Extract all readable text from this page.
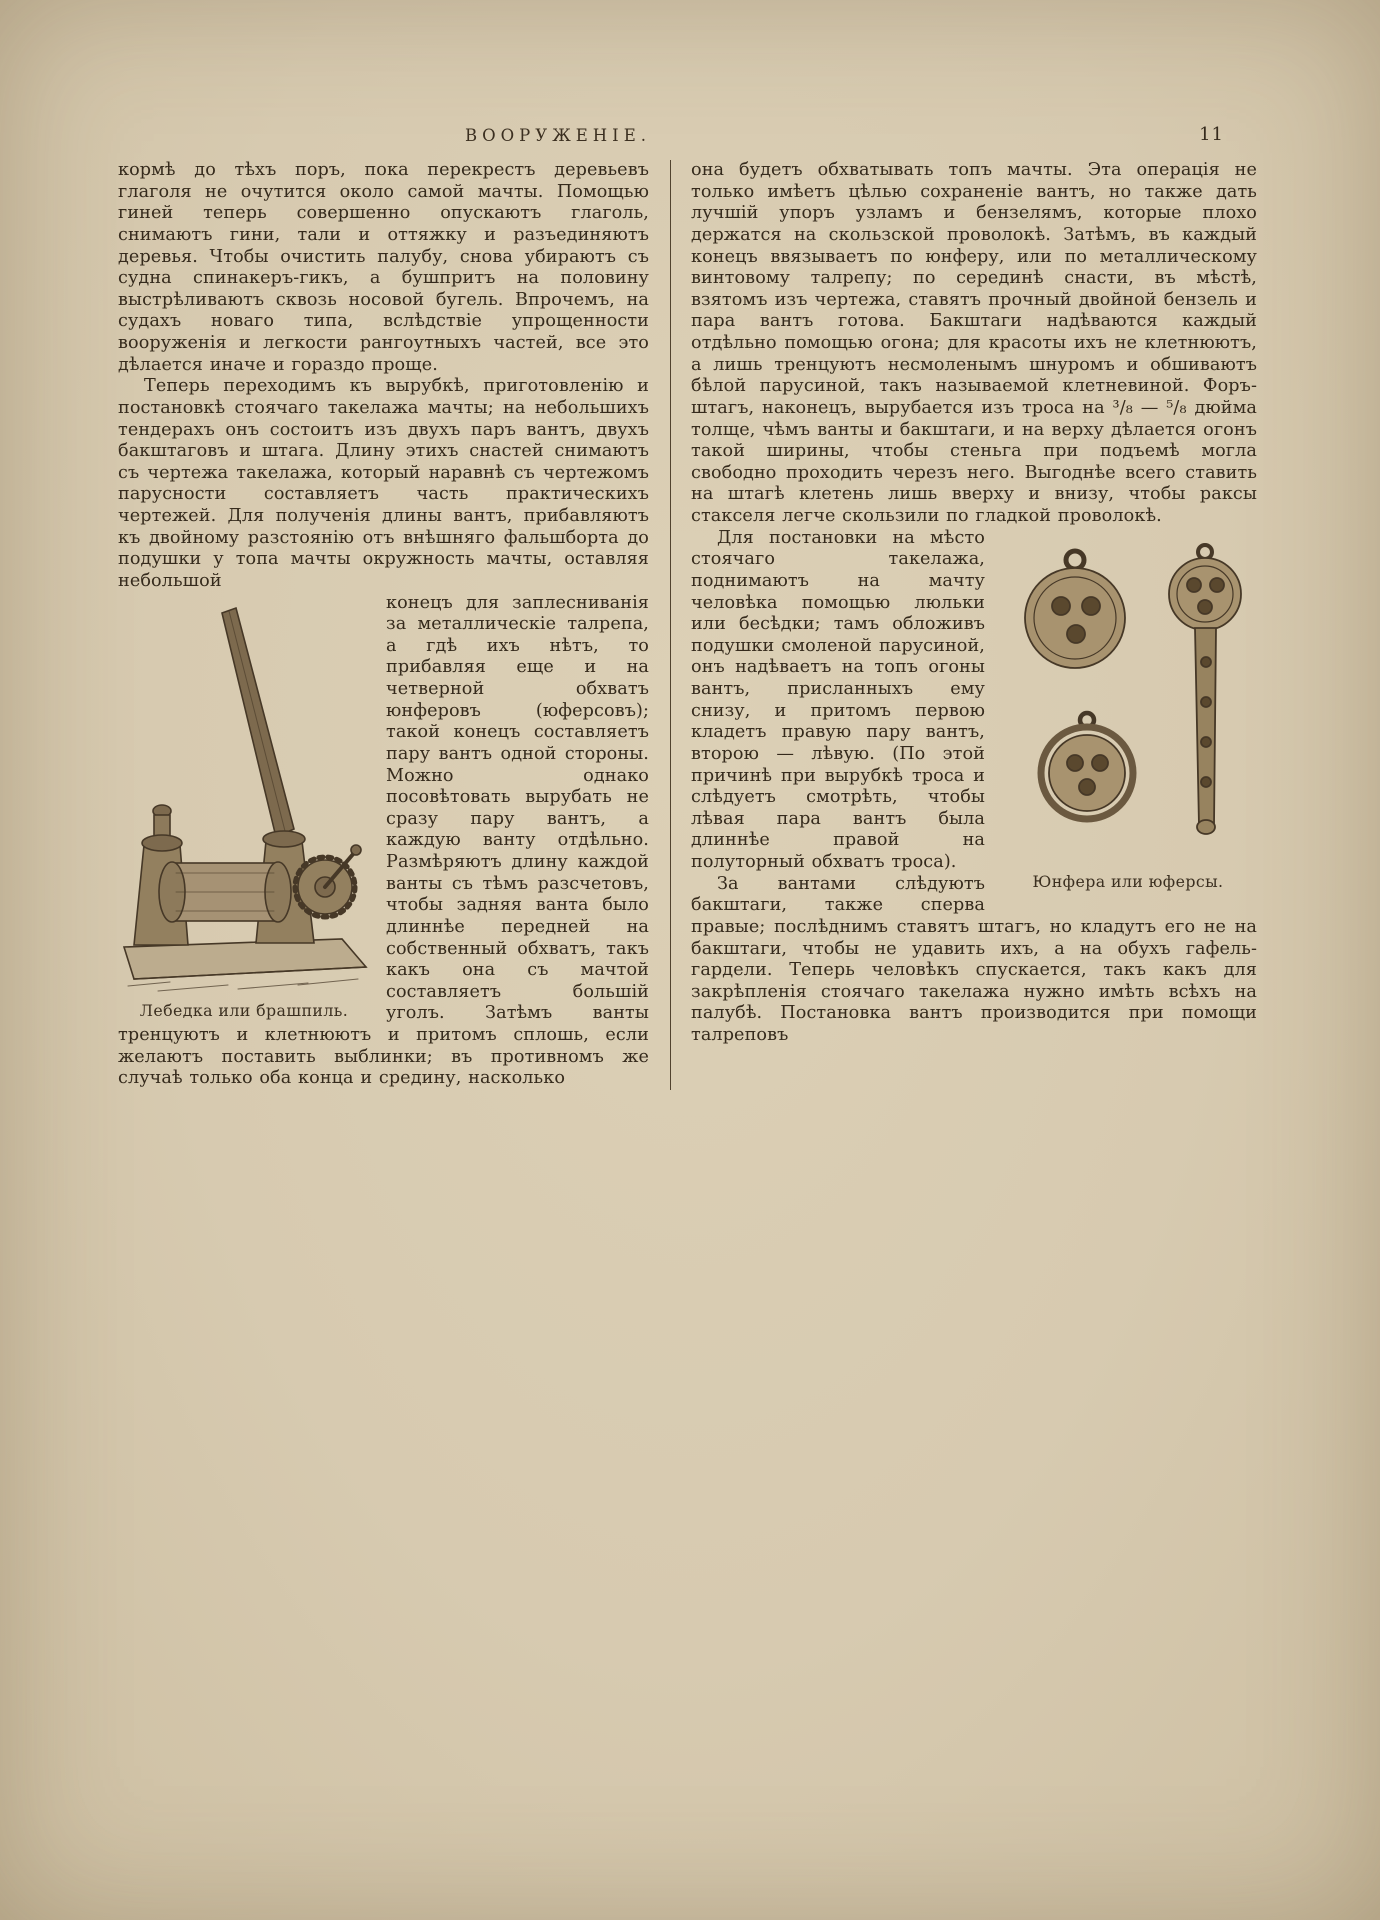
ВООРУЖЕНІЕ.	11

кормѣ до тѣхъ поръ, пока перекрестъ деревьевъ глаголя не очутится около самой мачты. Помощью гиней теперь совершенно опускаютъ глаголь, снимаютъ гини, тали и оттяжку и разъединяютъ деревья. Чтобы очистить палубу, снова убираютъ съ судна спинакеръ-гикъ, а бушпритъ на половину выстрѣливаютъ сквозь носовой бугель. Впрочемъ, на судахъ новаго типа, вслѣдствіе упрощенности вооруженія и легкости рангоутныхъ частей, все это дѣлается иначе и гораздо проще.

Теперь переходимъ къ вырубкѣ, приготовленію и постановкѣ стоячаго такелажа мачты; на небольшихъ тендерахъ онъ состоитъ изъ двухъ паръ вантъ, двухъ бакштаговъ и штага. Длину этихъ снастей снимаютъ съ чертежа такелажа, который наравнѣ съ чертежомъ парусности составляетъ часть практическихъ чертежей. Для полученія длины вантъ, прибавляютъ къ двойному разстоянію отъ внѣшняго фальшборта до подушки у топа мачты окружность мачты, оставляя небольшой

Лебедка или брашпиль.

конецъ для заплесниванія за металлическіе талрепа, а гдѣ ихъ нѣтъ, то прибавляя еще и на четверной обхватъ юнферовъ (юферсовъ); такой конецъ составляетъ пару вантъ одной стороны. Можно однако посовѣтовать вырубать не сразу пару вантъ, а каждую ванту отдѣльно. Размѣряютъ длину каждой ванты съ тѣмъ разсчетовъ, чтобы задняя ванта было длиннѣе передней на собственный обхватъ, такъ какъ она съ мачтой составляетъ большій уголъ. Затѣмъ ванты тренцуютъ и клетнюютъ и притомъ сплошь, если желаютъ поставить выблинки; въ противномъ же случаѣ только оба конца и средину, насколько

она будетъ обхватывать топъ мачты. Эта операція не только имѣетъ цѣлью сохраненіе вантъ, но также дать лучшій упоръ узламъ и бензелямъ, которые плохо держатся на скользской проволокѣ. Затѣмъ, въ каждый конецъ ввязываетъ по юнферу, или по металлическому винтовому талрепу; по серединѣ снасти, въ мѣстѣ, взятомъ изъ чертежа, ставятъ прочный двойной бензель и пара вантъ готова. Бакштаги надѣваются каждый отдѣльно помощью огона; для красоты ихъ не клетнюютъ, а лишь тренцуютъ несмоленымъ шнуромъ и обшиваютъ бѣлой парусиной, такъ называемой клетневиной. Форъ-штагъ, наконецъ, вырубается изъ троса на ³/₈ — ⁵/₈ дюйма толще, чѣмъ ванты и бакштаги, и на верху дѣлается огонъ такой ширины, чтобы стеньга при подъемѣ могла свободно проходить черезъ него. Выгоднѣе всего ставить на штагѣ клетень лишь вверху и внизу, чтобы раксы стакселя легче скользили по гладкой проволокѣ.

Юнфера или юферсы.

Для постановки на мѣсто стоячаго такелажа, поднимаютъ на мачту человѣка помощью люльки или бесѣдки; тамъ обложивъ подушки смоленой парусиной, онъ надѣваетъ на топъ огоны вантъ, присланныхъ ему снизу, и притомъ первою кладетъ правую пару вантъ, второю — лѣвую. (По этой причинѣ при вырубкѣ троса и слѣдуетъ смотрѣть, чтобы лѣвая пара вантъ была длиннѣе правой на полуторный обхватъ троса).

За вантами слѣдуютъ бакштаги, также сперва правые; послѣднимъ ставятъ штагъ, но кладутъ его не на бакштаги, чтобы не удавить ихъ, а на обухъ гафель-гардели. Теперь человѣкъ спускается, такъ какъ для закрѣпленія стоячаго такелажа нужно имѣть всѣхъ на палубѣ. Постановка вантъ производится при помощи талреповъ
